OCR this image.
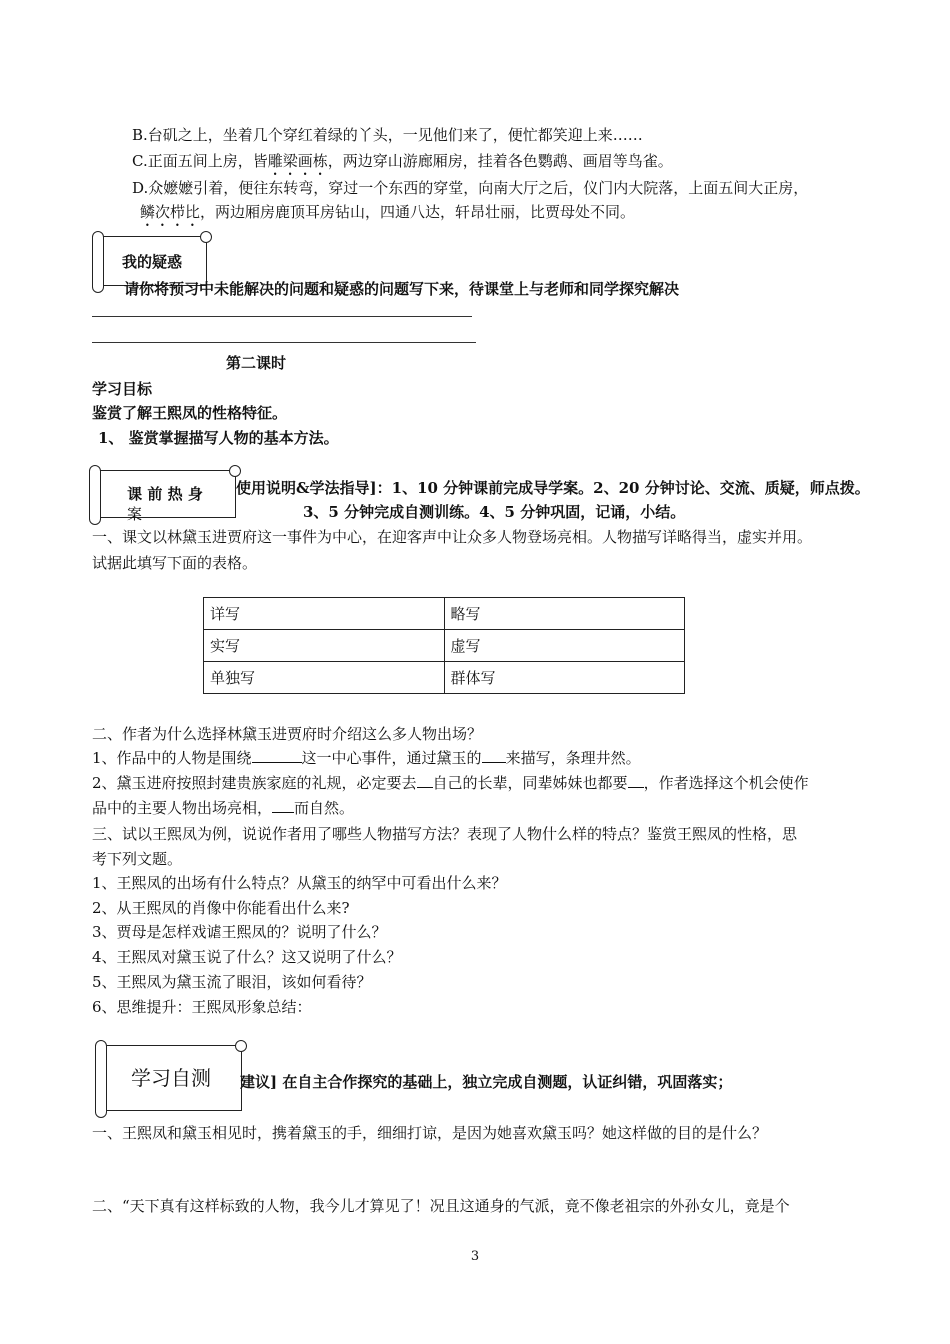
B.台矶之上，坐着几个穿红着绿的丫头，一见他们来了，便忙都笑迎上来……
C.正面五间上房，皆雕梁画栋，两边穿山游廊厢房，挂着各色鹦鹉、画眉等鸟雀。
D.众嬷嬷引着，便往东转弯，穿过一个东西的穿堂，向南大厅之后，仪门内大院落，上面五间大正房，
鳞次栉比，两边厢房鹿顶耳房钻山，四通八达，轩昂壮丽，比贾母处不同。
我的疑惑
请你将预习中未能解决的问题和疑惑的问题写下来，待课堂上与老师和同学探究解决
第二课时
学习目标
鉴赏了解王熙凤的性格特征。
1、 鉴赏掌握描写人物的基本方法。
课 前 热 身
案
使用说明&学法指导]：1、10 分钟课前完成导学案。2、20 分钟讨论、交流、质疑，师点拨。
3、5 分钟完成自测训练。4、5 分钟巩固，记诵，小结。
一、课文以林黛玉进贾府这一事件为中心，在迎客声中让众多人物登场亮相。人物描写详略得当，虚实并用。
试据此填写下面的表格。
详写	略写
实写	虚写
单独写	群体写
二、作者为什么选择林黛玉进贾府时介绍这么多人物出场？
1、作品中的人物是围绕	这一中心事件，通过黛玉的 来描写，条理井然。
2、黛玉进府按照封建贵族家庭的礼规，必定要去 自己的长辈，同辈姊妹也都要 ，作者选择这个机会使作
品中的主要人物出场亮相， 而自然。
三、试以王熙凤为例，说说作者用了哪些人物描写方法？表现了人物什么样的特点？鉴赏王熙凤的性格，思
考下列文题。
1、王熙凤的出场有什么特点？从黛玉的纳罕中可看出什么来？
2、从王熙凤的肖像中你能看出什么来?
3、贾母是怎样戏谑王熙凤的？说明了什么？
4、王熙凤对黛玉说了什么？这又说明了什么？
5、王熙凤为黛玉流了眼泪，该如何看待？
6、思维提升：王熙凤形象总结：
学习自测	建议] 在自主合作探究的基础上，独立完成自测题，认证纠错，巩固落实；
一、王熙凤和黛玉相见时，携着黛玉的手，细细打谅，是因为她喜欢黛玉吗？她这样做的目的是什么？
二、“天下真有这样标致的人物，我今儿才算见了！况且这通身的气派，竟不像老祖宗的外孙女儿，竟是个
3
